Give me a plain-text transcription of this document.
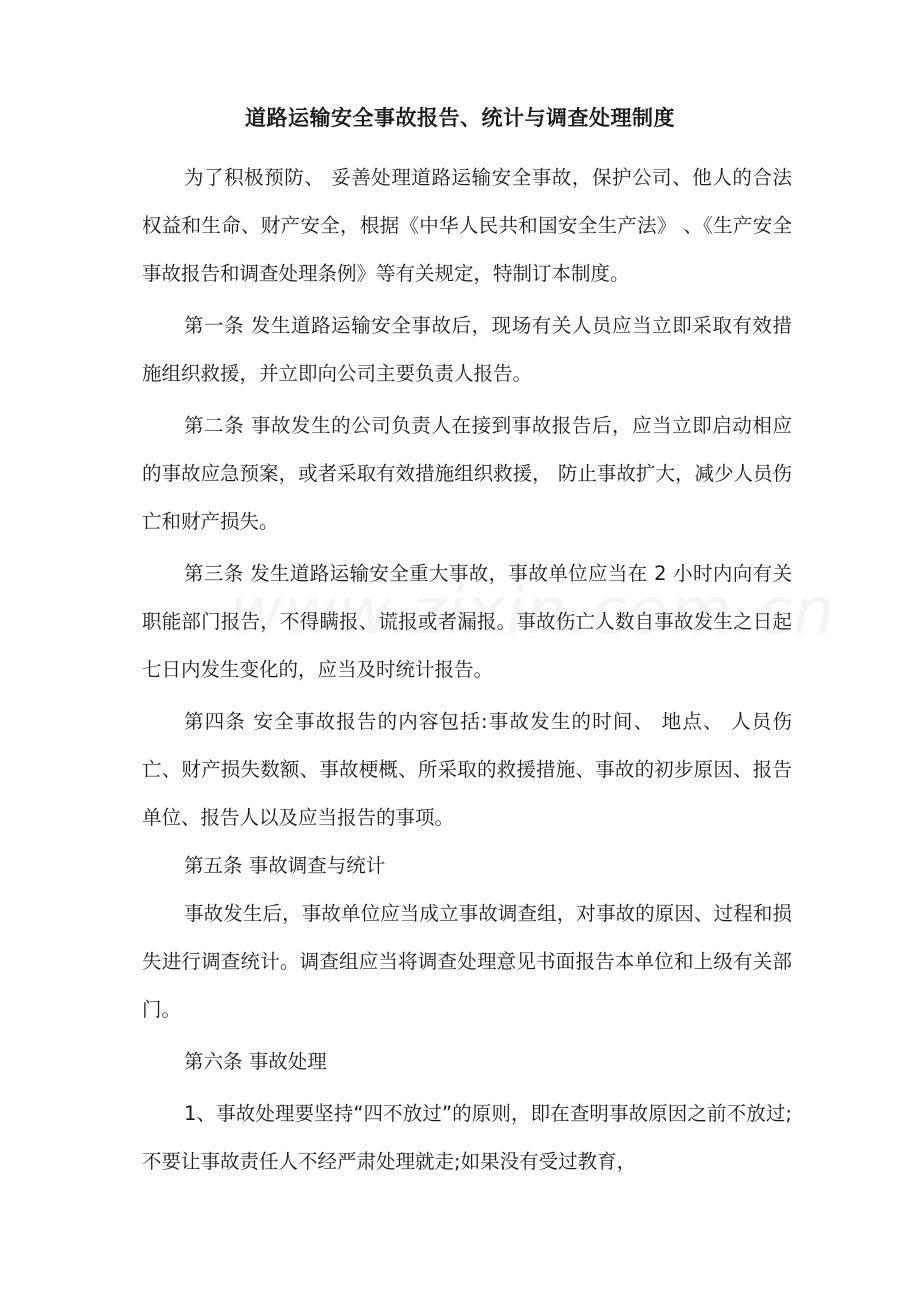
道路运输安全事故报告、统计与调查处理制度

为了积极预防、 妥善处理道路运输安全事故，保护公司、他人的合法权益和生命、财产安全，根据《中华人民共和国安全生产法》 、《生产安全事故报告和调查处理条例》等有关规定，特制订本制度。

第一条 发生道路运输安全事故后，现场有关人员应当立即采取有效措施组织救援，并立即向公司主要负责人报告。

第二条 事故发生的公司负责人在接到事故报告后，应当立即启动相应的事故应急预案，或者采取有效措施组织救援， 防止事故扩大，减少人员伤亡和财产损失。

第三条 发生道路运输安全重大事故，事故单位应当在 2 小时内向有关职能部门报告，不得瞒报、谎报或者漏报。事故伤亡人数自事故发生之日起七日内发生变化的，应当及时统计报告。

第四条 安全事故报告的内容包括:事故发生的时间、 地点、 人员伤亡、财产损失数额、事故梗概、所采取的救援措施、事故的初步原因、报告单位、报告人以及应当报告的事项。

第五条 事故调查与统计

事故发生后，事故单位应当成立事故调查组，对事故的原因、过程和损失进行调查统计。调查组应当将调查处理意见书面报告本单位和上级有关部门。

第六条 事故处理

1、事故处理要坚持“四不放过”的原则，即在查明事故原因之前不放过;不要让事故责任人不经严肃处理就走;如果没有受过教育，
